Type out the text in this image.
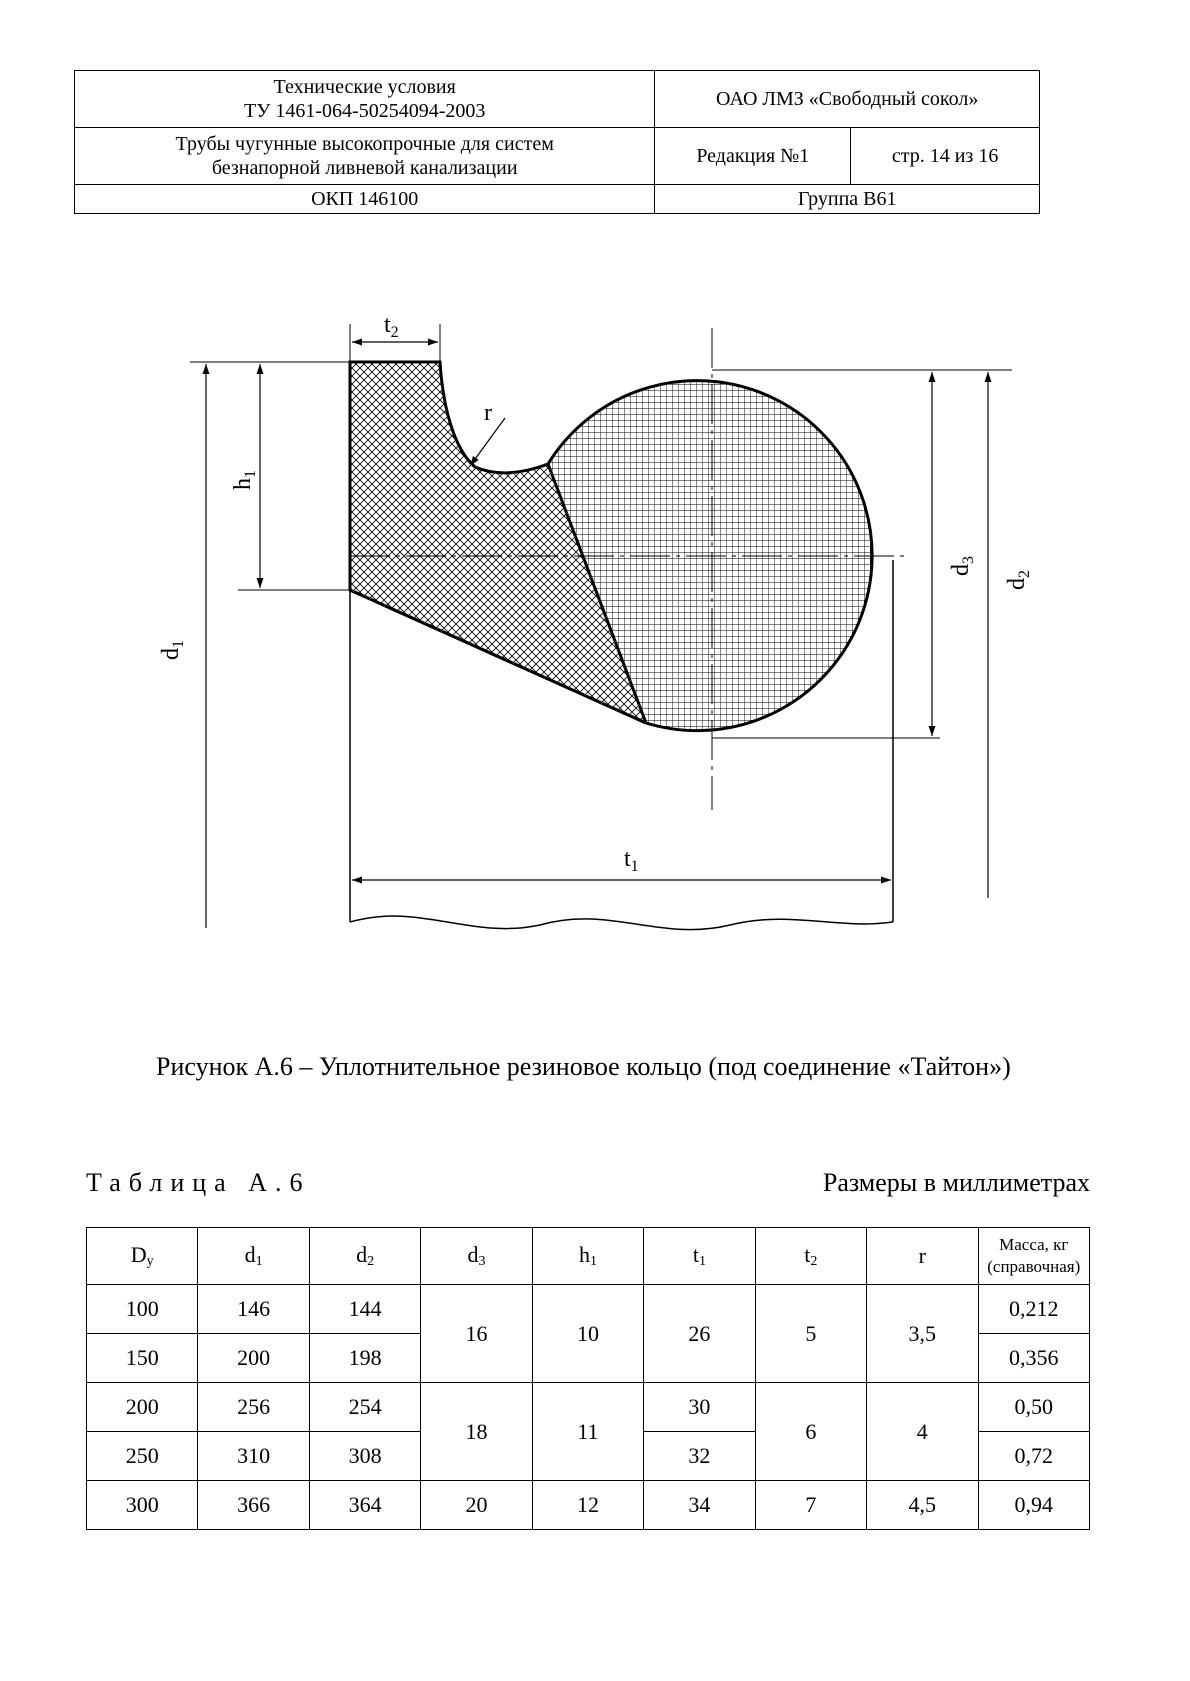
Технические условия
ТУ 1461-064-50254094-2003	ОАО ЛМЗ «Свободный сокол»	

Трубы чугунные высокопрочные для систем
безнапорной ливневой канализации	Редакция №1	стр. 14 из 16
ОКП 146100	Группа В61	
$t_2$
r
$t_1$
$h_1$
$d_1$
$d_3$
$d_2$
Рисунок А.6 – Уплотнительное резиновое кольцо (под соединение «Тайтон»)
Таблица А.6	Размеры в миллиметрах
$D_у$	$d_1$	$d_2$	$d_3$	$h_1$	$t_1$	$t_2$	r	Масса, кг
(справочная)
100	146	144	16	10	26	5	3,5	0,212
150	200	198						0,356
200	256	254	18	11	30	6	4	0,50
250	310	308			32			0,72
300	366	364	20	12	34	7	4,5	0,94
